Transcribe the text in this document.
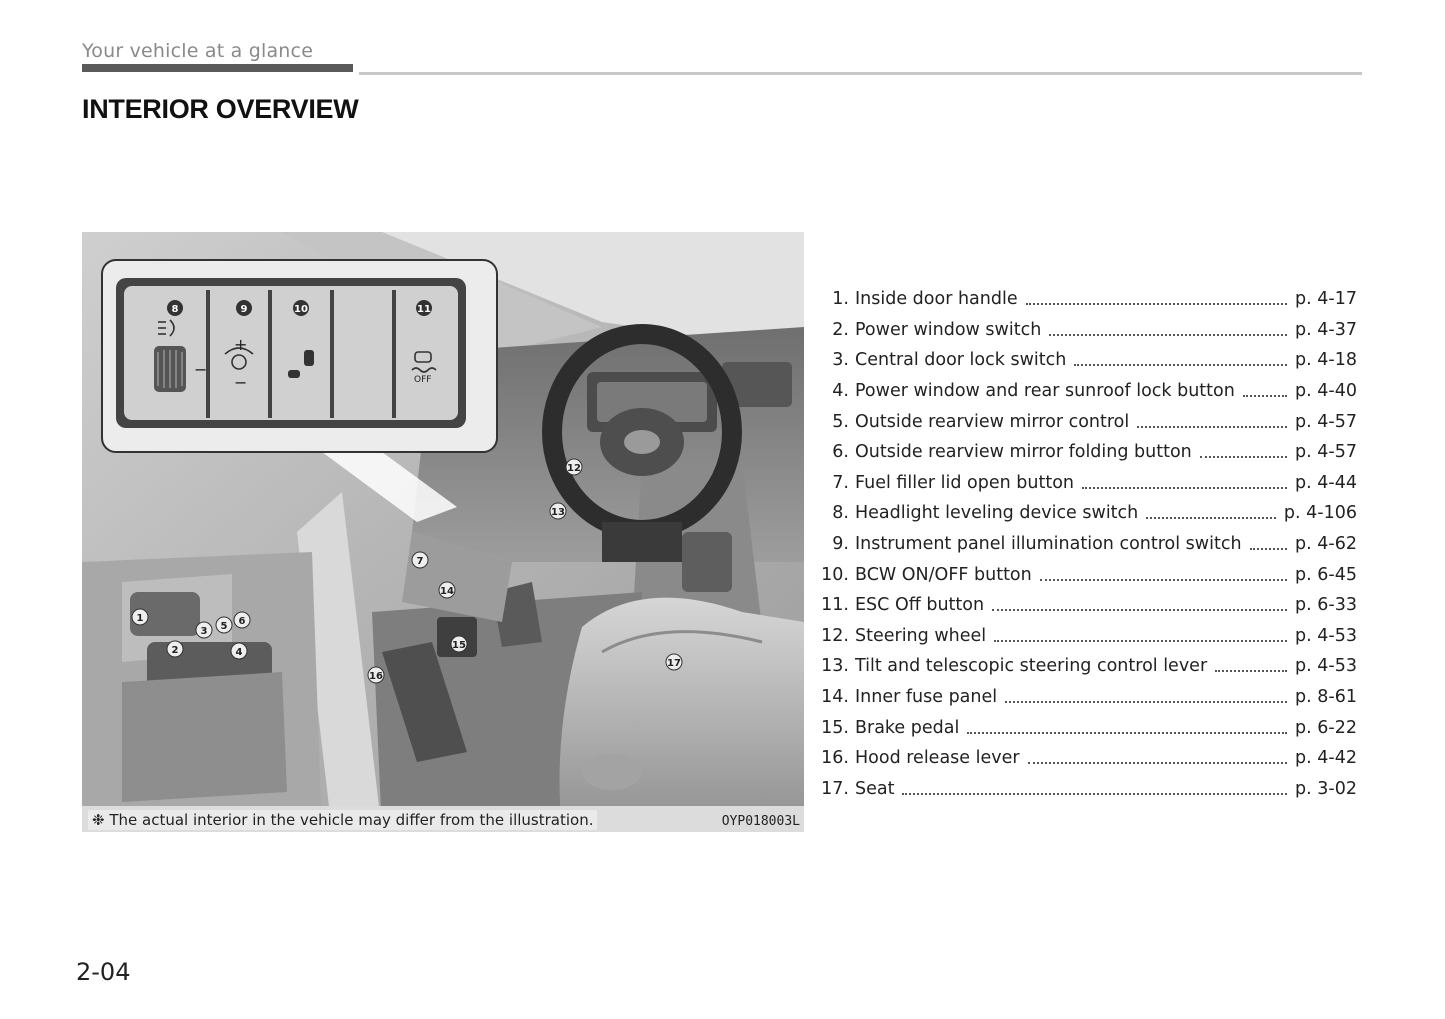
Your vehicle at a glance
INTERIOR OVERVIEW
−
+
−	OFF
8	9	10	11
1
2
3
4
5 6
7
12
13
14
15
16
17
❉ The actual interior in the vehicle may differ from the illustration.	OYP018003L
1. Inside door handle	p. 4-17
2. Power window switch	p. 4-37
3. Central door lock switch	p. 4-18
4. Power window and rear sunroof lock button	p. 4-40
5. Outside rearview mirror control	p. 4-57
6. Outside rearview mirror folding button	p. 4-57
7. Fuel filler lid open button	p. 4-44
8. Headlight leveling device switch	p. 4-106
9. Instrument panel illumination control switch	p. 4-62
10. BCW ON/OFF button	p. 6-45
11. ESC Off button	p. 6-33
12. Steering wheel	p. 4-53
13. Tilt and telescopic steering control lever	p. 4-53
14. Inner fuse panel	p. 8-61
15. Brake pedal	p. 6-22
16. Hood release lever	p. 4-42
17. Seat	p. 3-02
2-04
